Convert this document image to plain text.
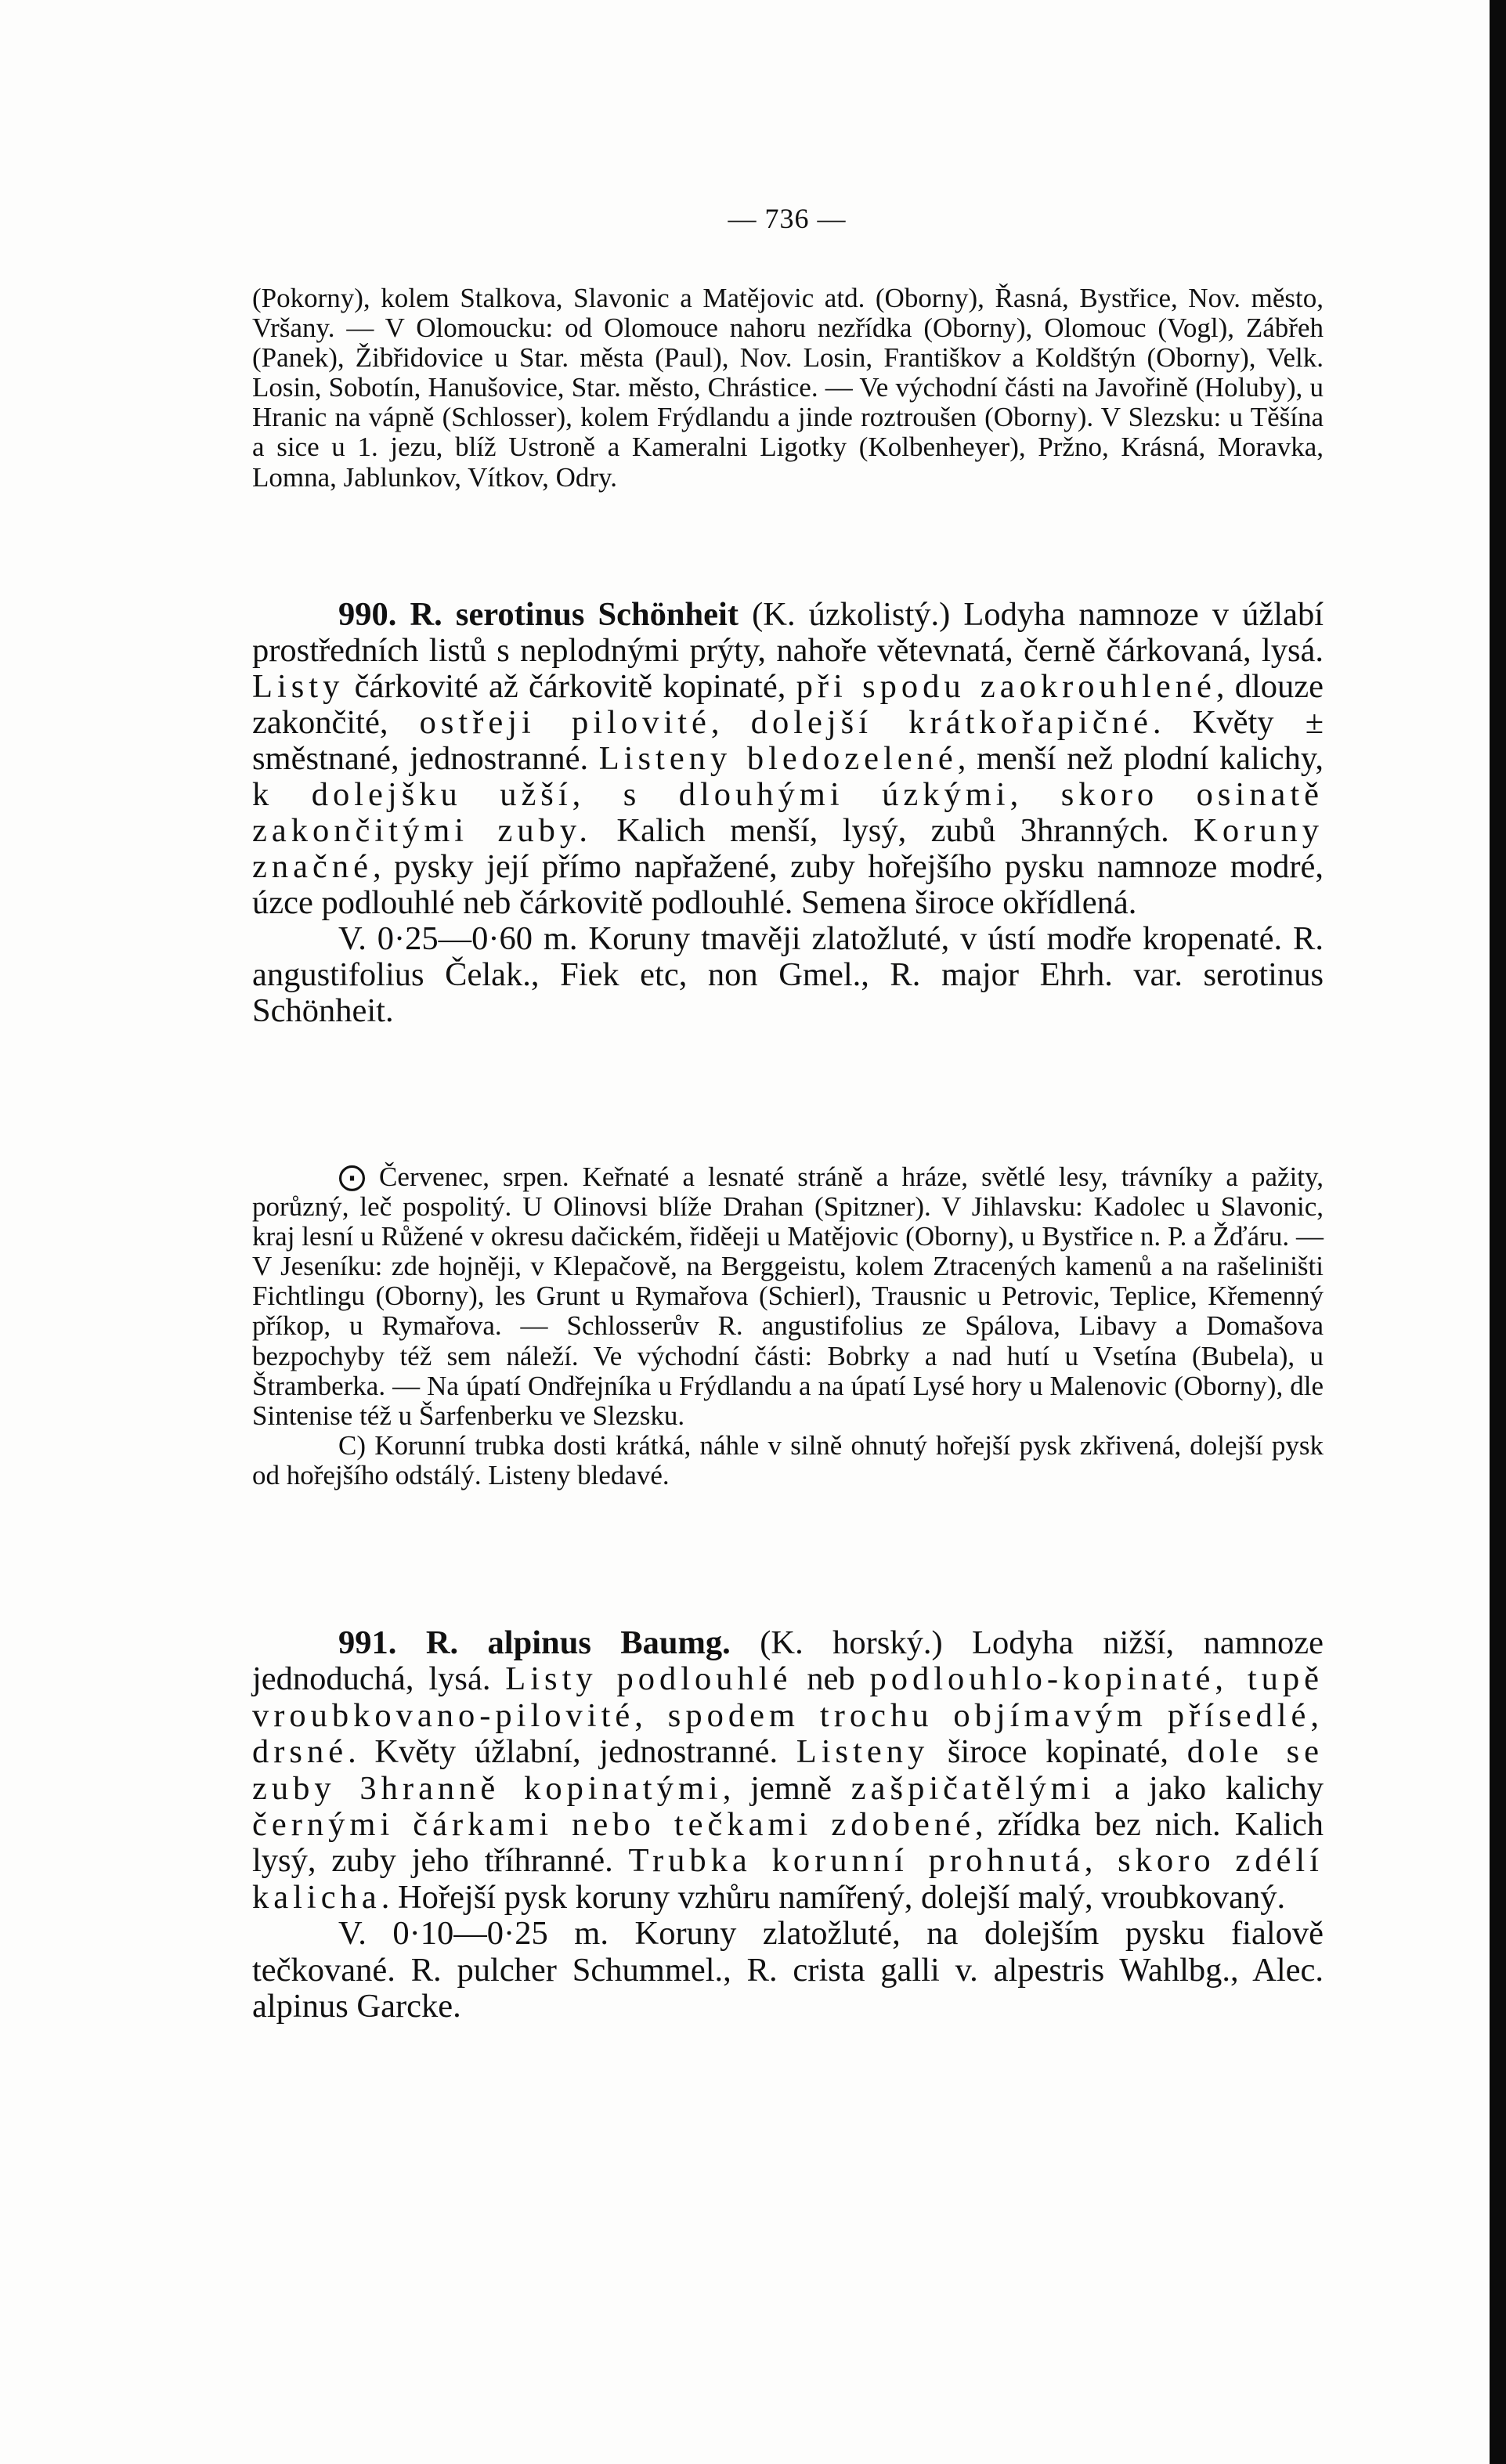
— 736 —

(Pokorny), kolem Stalkova, Slavonic a Matějovic atd. (Oborny), Řasná, Bystřice, Nov. město, Vršany. — V Olomoucku: od Olomouce nahoru nezřídka (Oborny), Olomouc (Vogl), Zábřeh (Panek), Žibřidovice u Star. města (Paul), Nov. Losin, Františkov a Koldštýn (Oborny), Velk. Losin, Sobotín, Hanušovice, Star. město, Chrástice. — Ve východní části na Javořině (Holuby), u Hranic na vápně (Schlosser), kolem Frýdlandu a jinde roztroušen (Oborny). V Slezsku: u Těšína a sice u 1. jezu, blíž Ustroně a Kameralni Ligotky (Kolbenheyer), Pržno, Krásná, Moravka, Lomna, Jablunkov, Vítkov, Odry.

990. R. serotinus Schönheit (K. úzkolistý.) Lodyha namnoze v úžlabí prostředních listů s neplodnými prýty, nahoře větevnatá, černě čárkovaná, lysá. Listy čárkovité až čárkovitě kopinaté, při spodu zaokrouhlené, dlouze zakončité, ostřeji pilovité, dolejší krátkořapičné. Květy ± směstnané, jednostranné. Listeny bledozelené, menší než plodní kalichy, k dolejšku užší, s dlouhými úzkými, skoro osinatě zakončitými zuby. Kalich menší, lysý, zubů 3hranných. Koruny značné, pysky její přímo napřažené, zuby hořejšího pysku namnoze modré, úzce podlouhlé neb čárkovitě podlouhlé. Semena široce okřídlená.

V. 0·25—0·60 m. Koruny tmavěji zlatožluté, v ústí modře kropenaté. R. angustifolius Čelak., Fiek etc, non Gmel., R. major Ehrh. var. serotinus Schönheit.

⨀ Červenec, srpen. Keřnaté a lesnaté stráně a hráze, světlé lesy, trávníky a pažity, porůzný, leč pospolitý. U Olinovsi blíže Drahan (Spitzner). V Jihlavsku: Kadolec u Slavonic, kraj lesní u Růžené v okresu dačickém, řiděeji u Matějovic (Oborny), u Bystřice n. P. a Žďáru. — V Jeseníku: zde hojněji, v Klepačově, na Berggeistu, kolem Ztracených kamenů a na rašeliništi Fichtlingu (Oborny), les Grunt u Rymařova (Schierl), Trausnic u Petrovic, Teplice, Křemenný příkop, u Rymařova. — Schlosserův R. angustifolius ze Spálova, Libavy a Domašova bezpochyby též sem náleží. Ve východní části: Bobrky a nad hutí u Vsetína (Bubela), u Štramberka. — Na úpatí Ondřejníka u Frýdlandu a na úpatí Lysé hory u Malenovic (Oborny), dle Sintenise též u Šarfenberku ve Slezsku.

C) Korunní trubka dosti krátká, náhle v silně ohnutý hořejší pysk zkřivená, dolejší pysk od hořejšího odstálý. Listeny bledavé.

991. R. alpinus Baumg. (K. horský.) Lodyha nižší, namnoze jednoduchá, lysá. Listy podlouhlé neb podlouhlo-kopinaté, tupě vroubkovano-pilovité, spodem trochu objímavým přísedlé, drsné. Květy úžlabní, jednostranné. Listeny široce kopinaté, dole se zuby 3hranně kopinatými, jemně zašpičatělými a jako kalichy černými čárkami nebo tečkami zdobené, zřídka bez nich. Kalich lysý, zuby jeho tříhranné. Trubka korunní prohnutá, skoro zdélí kalicha. Hořejší pysk koruny vzhůru namířený, dolejší malý, vroubkovaný.

V. 0·10—0·25 m. Koruny zlatožluté, na dolejším pysku fialově tečkované. R. pulcher Schummel., R. crista galli v. alpestris Wahlbg., Alec. alpinus Garcke.
